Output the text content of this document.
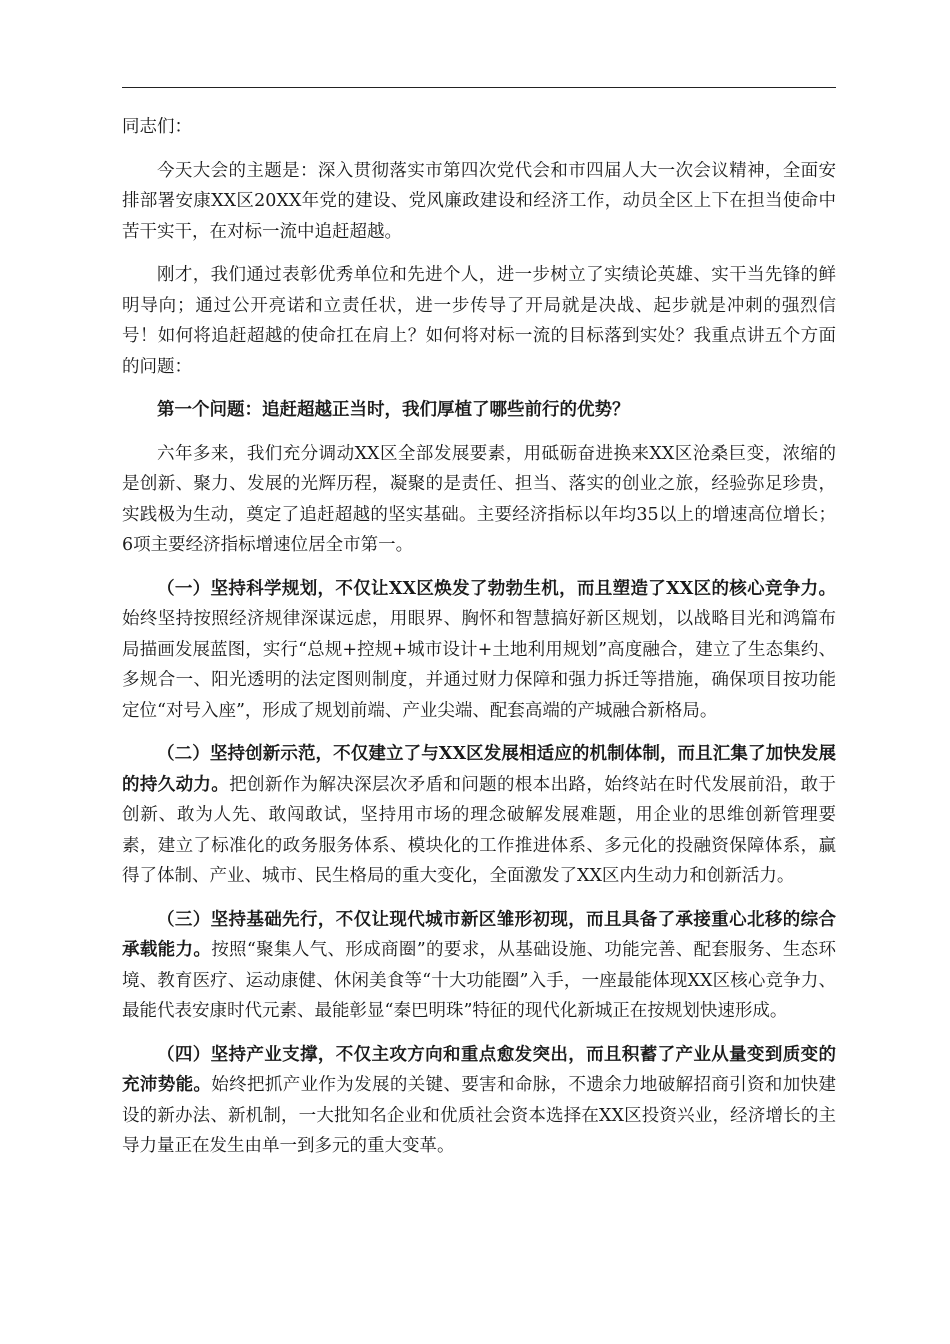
同志们：

今天大会的主题是：深入贯彻落实市第四次党代会和市四届人大一次会议精神，全面安排部署安康XX区20XX年党的建设、党风廉政建设和经济工作，动员全区上下在担当使命中苦干实干，在对标一流中追赶超越。

刚才，我们通过表彰优秀单位和先进个人，进一步树立了实绩论英雄、实干当先锋的鲜明导向；通过公开亮诺和立责任状，进一步传导了开局就是决战、起步就是冲刺的强烈信号！如何将追赶超越的使命扛在肩上？如何将对标一流的目标落到实处？我重点讲五个方面的问题：

第一个问题：追赶超越正当时，我们厚植了哪些前行的优势？

六年多来，我们充分调动XX区全部发展要素，用砥砺奋进换来XX区沧桑巨变，浓缩的是创新、聚力、发展的光辉历程，凝聚的是责任、担当、落实的创业之旅，经验弥足珍贵，实践极为生动，奠定了追赶超越的坚实基础。主要经济指标以年均35以上的增速高位增长；6项主要经济指标增速位居全市第一。

（一）坚持科学规划，不仅让XX区焕发了勃勃生机，而且塑造了XX区的核心竞争力。始终坚持按照经济规律深谋远虑，用眼界、胸怀和智慧搞好新区规划，以战略目光和鸿篇布局描画发展蓝图，实行“总规+控规+城市设计+土地利用规划”高度融合，建立了生态集约、多规合一、阳光透明的法定图则制度，并通过财力保障和强力拆迁等措施，确保项目按功能定位“对号入座”，形成了规划前端、产业尖端、配套高端的产城融合新格局。

（二）坚持创新示范，不仅建立了与XX区发展相适应的机制体制，而且汇集了加快发展的持久动力。把创新作为解决深层次矛盾和问题的根本出路，始终站在时代发展前沿，敢于创新、敢为人先、敢闯敢试，坚持用市场的理念破解发展难题，用企业的思维创新管理要素，建立了标准化的政务服务体系、模块化的工作推进体系、多元化的投融资保障体系，赢得了体制、产业、城市、民生格局的重大变化，全面激发了XX区内生动力和创新活力。

（三）坚持基础先行，不仅让现代城市新区雏形初现，而且具备了承接重心北移的综合承载能力。按照“聚集人气、形成商圈”的要求，从基础设施、功能完善、配套服务、生态环境、教育医疗、运动康健、休闲美食等“十大功能圈”入手，一座最能体现XX区核心竞争力、最能代表安康时代元素、最能彰显“秦巴明珠”特征的现代化新城正在按规划快速形成。

（四）坚持产业支撑，不仅主攻方向和重点愈发突出，而且积蓄了产业从量变到质变的充沛势能。始终把抓产业作为发展的关键、要害和命脉，不遗余力地破解招商引资和加快建设的新办法、新机制，一大批知名企业和优质社会资本选择在XX区投资兴业，经济增长的主导力量正在发生由单一到多元的重大变革。
